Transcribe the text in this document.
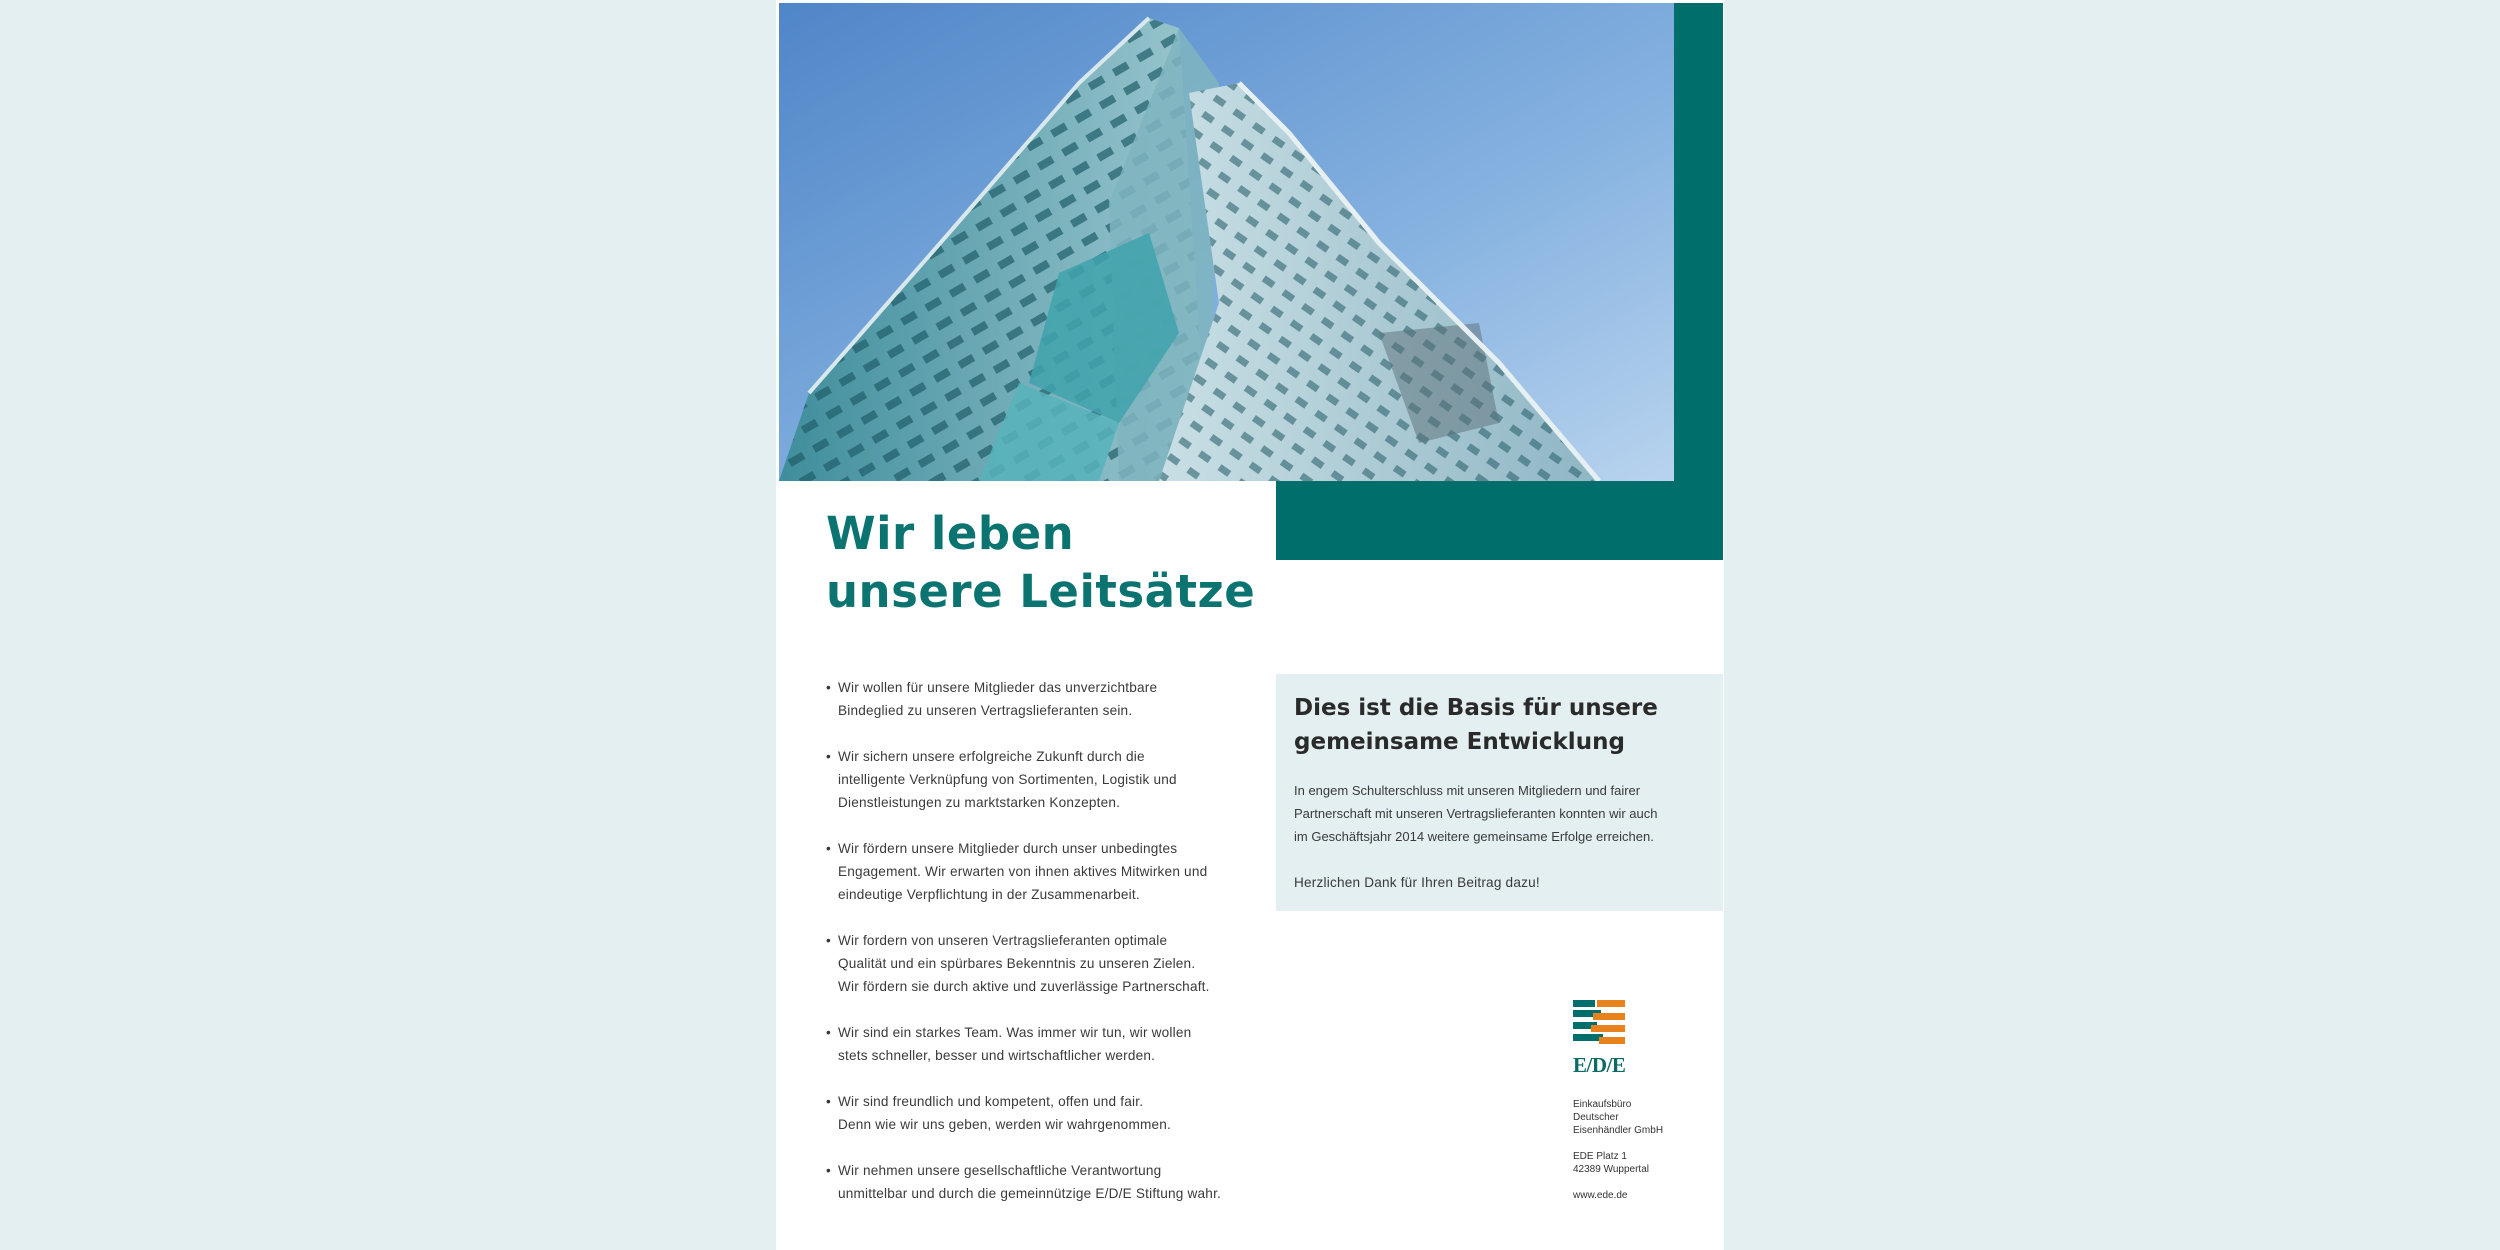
Wir leben
unsere Leitsätze
• Wir wollen für unsere Mitglieder das unverzichtbare
Bindeglied zu unseren Vertragslieferanten sein.
• Wir sichern unsere erfolgreiche Zukunft durch die
intelligente Verknüpfung von Sortimenten, Logistik und
Dienstleistungen zu marktstarken Konzepten.
• Wir fördern unsere Mitglieder durch unser unbedingtes
Engagement. Wir erwarten von ihnen aktives Mitwirken und
eindeutige Verpflichtung in der Zusammenarbeit.
• Wir fordern von unseren Vertragslieferanten optimale
Qualität und ein spürbares Bekenntnis zu unseren Zielen.
Wir fördern sie durch aktive und zuverlässige Partnerschaft.
• Wir sind ein starkes Team. Was immer wir tun, wir wollen
stets schneller, besser und wirtschaftlicher werden.
• Wir sind freundlich und kompetent, offen und fair.
Denn wie wir uns geben, werden wir wahrgenommen.
• Wir nehmen unsere gesellschaftliche Verantwortung
unmittelbar und durch die gemeinnützige E/D/E Stiftung wahr.
Dies ist die Basis für unsere
gemeinsame Entwicklung
In engem Schulterschluss mit unseren Mitgliedern und fairer
Partnerschaft mit unseren Vertragslieferanten konnten wir auch
im Geschäftsjahr 2014 weitere gemeinsame Erfolge erreichen.
Herzlichen Dank für Ihren Beitrag dazu!
E/D/E
Einkaufsbüro
Deutscher
Eisenhändler GmbH
EDE Platz 1
42389 Wuppertal
www.ede.de
